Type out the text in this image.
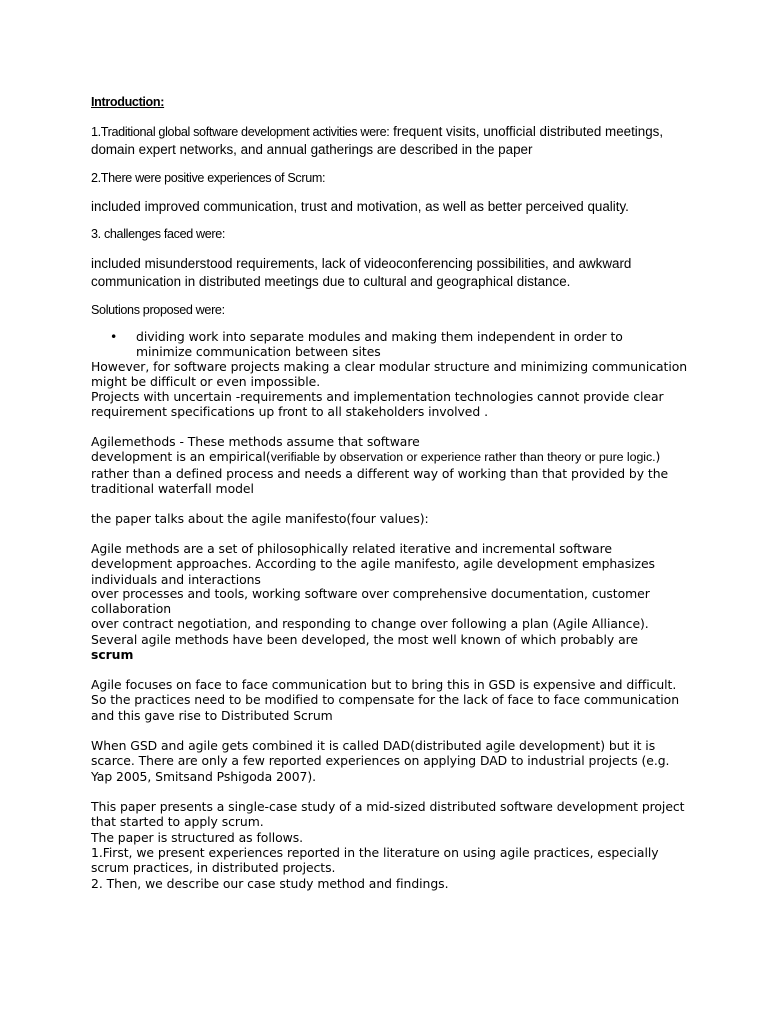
Introduction:
1.Traditional global software development activities were: frequent visits, unofficial distributed meetings, domain expert networks, and annual gatherings are described in the paper
2.There were positive experiences of Scrum:
included improved communication, trust and motivation, as well as better perceived quality.
3. challenges faced were:
included misunderstood requirements, lack of videoconferencing possibilities, and awkward communication in distributed meetings due to cultural and geographical distance.
Solutions proposed were:
• dividing work into separate modules and making them independent in order to minimize communication between sites
However, for software projects making a clear modular structure and minimizing communication might be difficult or even impossible.
Projects with uncertain -requirements and implementation technologies cannot provide clear requirement specifications up front to all stakeholders involved .
Agilemethods - These methods assume that software
development is an empirical(verifiable by observation or experience rather than theory or pure logic.) rather than a defined process and needs a different way of working than that provided by the traditional waterfall model
the paper talks about the agile manifesto(four values):
Agile methods are a set of philosophically related iterative and incremental software development approaches. According to the agile manifesto, agile development emphasizes individuals and interactions
over processes and tools, working software over comprehensive documentation, customer collaboration
over contract negotiation, and responding to change over following a plan (Agile Alliance).
Several agile methods have been developed, the most well known of which probably are
scrum
Agile focuses on face to face communication but to bring this in GSD is expensive and difficult. So the practices need to be modified to compensate for the lack of face to face communication and this gave rise to Distributed Scrum
When GSD and agile gets combined it is called DAD(distributed agile development) but it is scarce. There are only a few reported experiences on applying DAD to industrial projects (e.g. Yap 2005, Smitsand Pshigoda 2007).
This paper presents a single-case study of a mid-sized distributed software development project that started to apply scrum.
The paper is structured as follows.
1.First, we present experiences reported in the literature on using agile practices, especially scrum practices, in distributed projects.
2. Then, we describe our case study method and findings.
